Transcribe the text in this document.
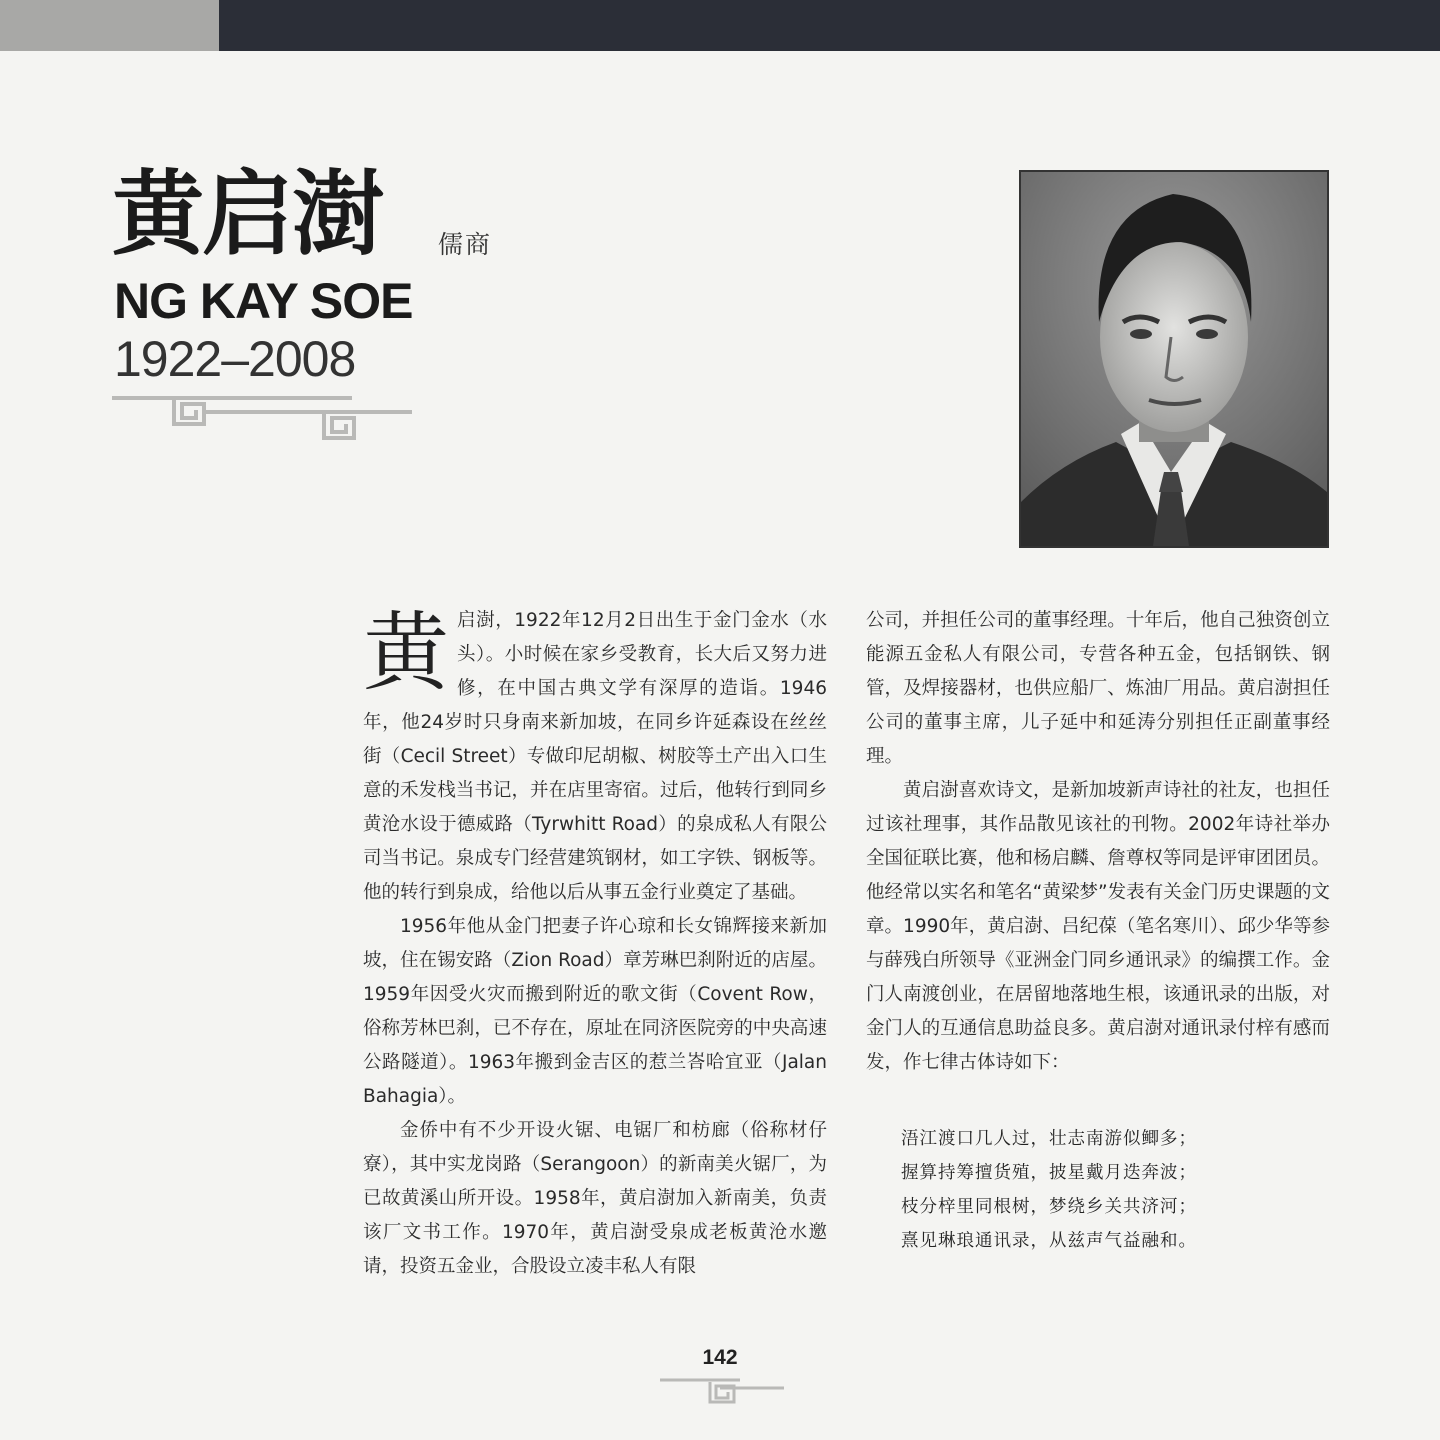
黄启澍 儒商
NG KAY SOE
1922–2008

黄启澍，1922年12月2日出生于金门金水（水头）。小时候在家乡受教育，长大后又努力进修，在中国古典文学有深厚的造诣。1946年，他24岁时只身南来新加坡，在同乡许延森设在丝丝街（Cecil Street）专做印尼胡椒、树胶等土产出入口生意的禾发栈当书记，并在店里寄宿。过后，他转行到同乡黄沧水设于德威路（Tyrwhitt Road）的泉成私人有限公司当书记。泉成专门经营建筑钢材，如工字铁、钢板等。他的转行到泉成，给他以后从事五金行业奠定了基础。

1956年他从金门把妻子许心琼和长女锦辉接来新加坡，住在锡安路（Zion Road）章芳琳巴刹附近的店屋。1959年因受火灾而搬到附近的歌文街（Covent Row，俗称芳林巴刹，已不存在，原址在同济医院旁的中央高速公路隧道）。1963年搬到金吉区的惹兰峇哈宜亚（Jalan Bahagia）。

金侨中有不少开设火锯、电锯厂和枋廊（俗称材仔寮），其中实龙岗路（Serangoon）的新南美火锯厂，为已故黄溪山所开设。1958年，黄启澍加入新南美，负责该厂文书工作。1970年，黄启澍受泉成老板黄沧水邀请，投资五金业，合股设立凌丰私人有限

公司，并担任公司的董事经理。十年后，他自己独资创立能源五金私人有限公司，专营各种五金，包括钢铁、钢管，及焊接器材，也供应船厂、炼油厂用品。黄启澍担任公司的董事主席，儿子延中和延涛分别担任正副董事经理。

黄启澍喜欢诗文，是新加坡新声诗社的社友，也担任过该社理事，其作品散见该社的刊物。2002年诗社举办全国征联比赛，他和杨启麟、詹尊权等同是评审团团员。他经常以实名和笔名“黄梁梦”发表有关金门历史课题的文章。1990年，黄启澍、吕纪葆（笔名寒川）、邱少华等参与薛残白所领导《亚洲金门同乡通讯录》的编撰工作。金门人南渡创业，在居留地落地生根，该通讯录的出版，对金门人的互通信息助益良多。黄启澍对通讯录付梓有感而发，作七律古体诗如下：

浯江渡口几人过，壮志南游似鲫多；
握算持筹擅货殖，披星戴月迭奔波；
枝分梓里同根树，梦绕乡关共济河；
熹见琳琅通讯录，从兹声气益融和。
142
